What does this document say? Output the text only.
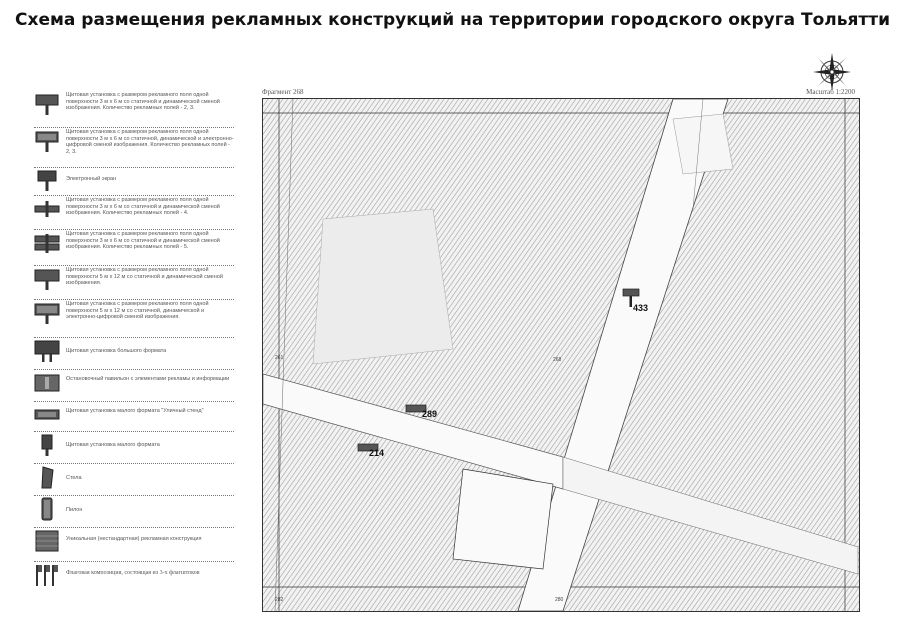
Схема размещения рекламных конструкций на территории городского округа Тольятти
Щитовая установка с размером рекламного поля одной поверхности 3 м х 6 м со статичной и динамической сменой изображения. Количество рекламных полей - 2, 3.
Щитовая установка с размером рекламного поля одной поверхности 3 м х 6 м со статичной, динамической и электронно-цифровой сменой изображения. Количество рекламных полей - 2, 3.
Электронный экран
Щитовая установка с размером рекламного поля одной поверхности 3 м х 6 м со статичной и динамической сменой изображения. Количество рекламных полей - 4.
Щитовая установка с размером рекламного поля одной поверхности 3 м х 6 м со статичной и динамической сменой изображения. Количество рекламных полей - 5.
Щитовая установка с размером рекламного поля одной поверхности 5 м х 12 м со статичной и динамической сменой изображения.
Щитовая установка с размером рекламного поля одной поверхности 5 м х 12 м со статичной, динамической и электронно-цифровой сменой изображения.
Щитовая установка большого формата
Остановочный павильон с элементами рекламы и информации
Щитовая установка малого формата "Уличный стенд"
Щитовая установка малого формата
Стела
Пилон
Уникальная (нестандартная) рекламная конструкция
Флаговая композиция, состоящая из 3-х флагштоков
Фрагмент 268	Масштаб 1:2200
261	268
282	280
433
289
214
